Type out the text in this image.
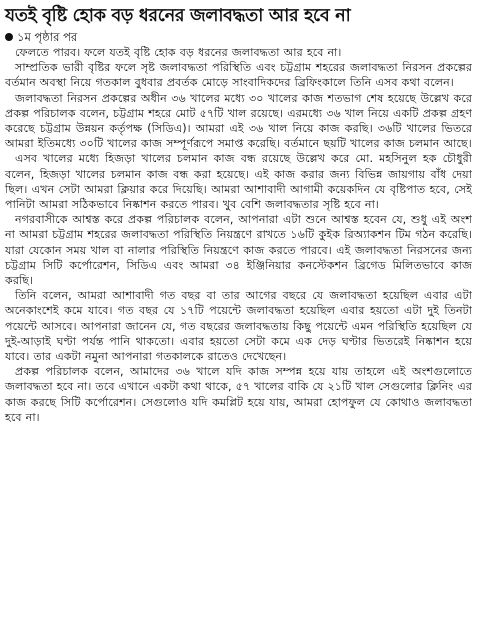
যতই বৃষ্টি হোক বড় ধরনের জলাবদ্ধতা আর হবে না

১ম পৃষ্ঠার পর

ফেলতে পারব। ফলে যতই বৃষ্টি হোক বড় ধরনের জলাবদ্ধতা আর হবে না।

সাম্প্রতিক ভারী বৃষ্টির ফলে সৃষ্ট জলাবদ্ধতা পরিস্থিতি এবং চট্টগ্রাম শহরের জলাবদ্ধতা নিরসন প্রকল্পের বর্তমান অবস্থা নিয়ে গতকাল বুধবার প্রবর্তক মোড়ে সাংবাদিকদের ব্রিফিংকালে তিনি এসব কথা বলেন।

জলাবদ্ধতা নিরসন প্রকল্পের অধীন ৩৬ খালের মধ্যে ৩০ খালের কাজ শতভাগ শেষ হয়েছে উল্লেখ করে প্রকল্প পরিচালক বলেন, চট্টগ্রাম শহরে মোট ৫৭টি খাল রয়েছে। এরমধ্যে ৩৬ খাল নিয়ে একটি প্রকল্প গ্রহণ করেছে চট্টগ্রাম উন্নয়ন কর্তৃপক্ষ (সিডিএ)। আমরা এই ৩৬ খাল নিয়ে কাজ করছি। ৩৬টি খালের ভিতরে আমরা ইতিমধ্যে ৩০টি খালের কাজ সম্পূর্ণরূপে সমাপ্ত করেছি। বর্তমানে ছয়টি খালের কাজ চলমান আছে।

এসব খালের মধ্যে হিজড়া খালের চলমান কাজ বন্ধ রয়েছে উল্লেখ করে মো. মহসিনুল হক চৌধুরী বলেন, হিজড়া খালের চলমান কাজ বন্ধ করা হয়েছে। এই কাজ করার জন্য বিভিন্ন জায়গায় বাঁধ দেয়া ছিল। এখন সেটা আমরা ক্লিয়ার করে দিয়েছি। আমরা আশাবাদী আগামী কয়েকদিন যে বৃষ্টিপাত হবে, সেই পানিটা আমরা সঠিকভাবে নিষ্কাশন করতে পারব। খুব বেশি জলাবদ্ধতার সৃষ্টি হবে না।

নগরবাসীকে আশ্বস্ত করে প্রকল্প পরিচালক বলেন, আপনারা এটা শুনে আশ্বস্ত হবেন যে, শুধু এই অংশ না আমরা চট্টগ্রাম শহরের জলাবদ্ধতা পরিস্থিতি নিয়ন্ত্রণে রাখতে ১৬টি কুইক রিঅ্যাকশন টিম গঠন করেছি। যারা যেকোন সময় খাল বা নালার পরিস্থিতি নিয়ন্ত্রণে কাজ করতে পারবে। এই জলাবদ্ধতা নিরসনের জন্য চট্টগ্রাম সিটি কর্পোরেশন, সিডিএ এবং আমরা ৩৪ ইঞ্জিনিয়ার কনস্টেকশন ব্রিগেড মিলিতভাবে কাজ করছি।

তিনি বলেন, আমরা আশাবাদী গত বছর বা তার আগের বছরে যে জলাবদ্ধতা হয়েছিল এবার এটা অনেকাংশেই কমে যাবে। গত বছর যে ১৭টি পয়েন্টে জলাবদ্ধতা হয়েছিল এবার হয়তো এটা দুই তিনটা পয়েন্টে আসবে। আপনারা জানেন যে, গত বছরের জলাবদ্ধতায় কিছু পয়েন্টে এমন পরিস্থিতি হয়েছিল যে দুই-আড়াই ঘণ্টা পর্যন্ত পানি থাকতো। এবার হয়তো সেটা কমে এক দেড় ঘণ্টার ভিতরেই নিষ্কাশন হয়ে যাবে। তার একটা নমুনা আপনারা গতকালকে রাতেও দেখেছেন।

প্রকল্প পরিচালক বলেন, আমাদের ৩৬ খালে যদি কাজ সম্পন্ন হয়ে যায় তাহলে এই অংশগুলোতে জলাবদ্ধতা হবে না। তবে এখানে একটা কথা থাকে, ৫৭ খালের বাকি যে ২১টি খাল সেগুলোর ক্লিনিং এর কাজ করছে সিটি কর্পোরেশন। সেগুলোও যদি কমপ্লিট হয়ে যায়, আমরা হোপফুল যে কোথাও জলাবদ্ধতা হবে না।
